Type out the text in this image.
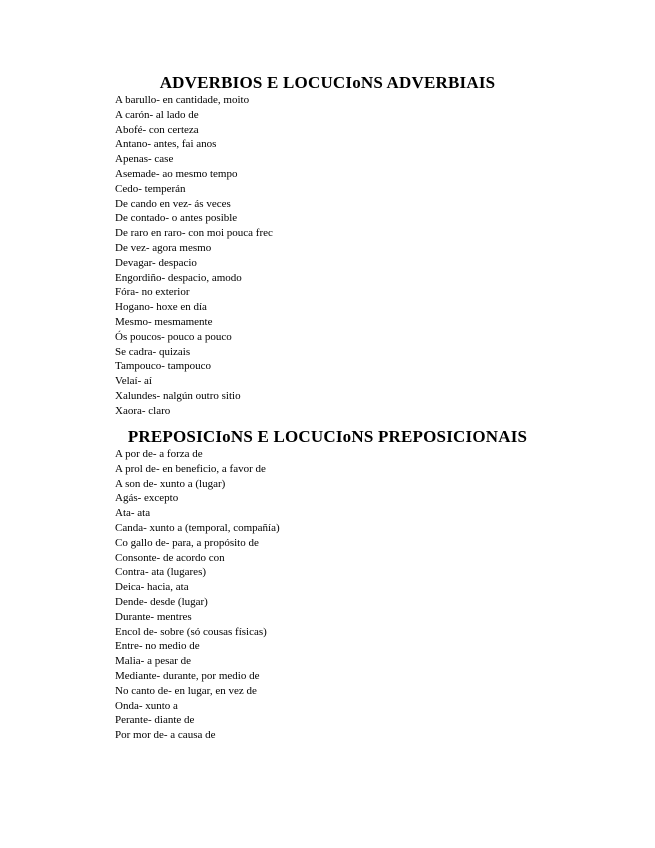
ADVERBIOS E LOCUCIoNS ADVERBIAIS
A barullo- en cantidade, moito
A carón- al lado de
Abofé- con certeza
Antano- antes, fai anos
Apenas- case
Asemade- ao mesmo tempo
Cedo- temperán
De cando en vez- ás veces
De contado- o antes posible
De raro en raro- con moi pouca frec
De vez- agora mesmo
Devagar- despacio
Engordiño- despacio, amodo
Fóra- no exterior
Hogano- hoxe en día
Mesmo- mesmamente
Ós poucos- pouco a pouco
Se cadra- quizais
Tampouco- tampouco
Velaí- aí
Xalundes- nalgún outro sitio
Xaora- claro
PREPOSICIoNS E LOCUCIoNS PREPOSICIONAIS
A por de- a forza de
A prol de- en beneficio, a favor de
A son de- xunto a (lugar)
Agás- excepto
Ata- ata
Canda- xunto a (temporal, compañía)
Co gallo de- para, a propósito de
Consonte- de acordo con
Contra- ata (lugares)
Deica- hacia, ata
Dende- desde (lugar)
Durante- mentres
Encol de- sobre (só cousas físicas)
Entre- no medio de
Malia- a pesar de
Mediante- durante, por medio de
No canto de- en lugar, en vez de
Onda- xunto a
Perante- diante de
Por mor de- a causa de
